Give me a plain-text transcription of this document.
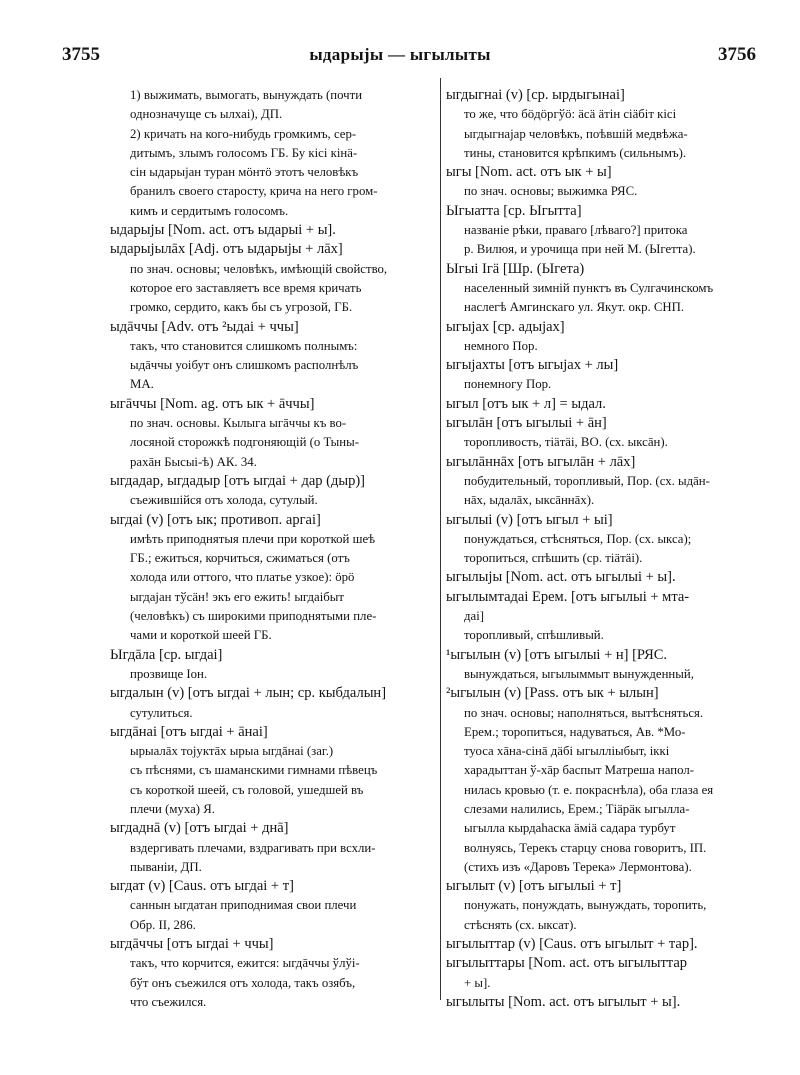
3755	ыдарыјы — ыгылыты	3756
1) выжимать, вымогать, вынуждать (почти
однозначуще съ ылхаі), ДП.
2) кричать на кого-нибудь громкимъ, сер-
дитымъ, злымъ голосомъ ГБ. Бу кісі кінä-
сін ыдарыјан туран мöнтö этотъ человѣкъ
бранилъ своего старосту, крича на него гром-
кимъ и сердитымъ голосомъ.
ыдарыјы [Nom. act. отъ ыдарыі + ы].
ыдарыјылāх [Adj. отъ ыдарыјы + лāх]
по знач. основы; человѣкъ, имѣющій свойство,
которое его заставляетъ все время кричать
громко, сердито, какъ бы съ угрозой, ГБ.
ыдāччы [Adv. отъ ²ыдаі + ччы]
такъ, что становится слишкомъ полнымъ:
ыдāччы уоібут онъ слишкомъ располнѣлъ
МА.
ыгāччы [Nom. ag. отъ ык + āччы]
по знач. основы. Кылыга ыгāччы къ во-
лосяной сторожкѣ подгоняющій (о Тыны-
рахāн Бысыі-ѣ) АК. 34.
ыгдадар, ыгдадыр [отъ ыгдаі + дар (дыр)]
съежившійся отъ холода, сутулый.
ыгдаі (v) [отъ ык; противоп. аргаі]
имѣть приподнятыя плечи при короткой шеѣ
ГБ.; ежиться, корчиться, сжиматься (отъ
холода или оттого, что платье узкое): öрö
ыгдајан тўсäн! экъ его ежить! ыгдаібыт
(человѣкъ) съ широкими приподнятыми пле-
чами и короткой шеей ГБ.
Ыгдāла [ср. ыгдаі]
прозвище Іон.
ыгдалын (v) [отъ ыгдаі + лын; ср. кыбдалын]
сутулиться.
ыгдāнаі [отъ ыгдаі + āнаі]
ырыалāх тојуктāх ырыа ыгдāнаі (заг.)
съ пѣснями, съ шаманскими гимнами пѣвецъ
съ короткой шеей, съ головой, ушедшей въ
плечи (муха) Я.
ыгдаднā (v) [отъ ыгдаі + днā]
вздергивать плечами, вздрагивать при всхли-
пываніи, ДП.
ыгдат (v) [Caus. отъ ыгдаі + т]
саннын ыгдатан приподнимая свои плечи
Обр. II, 286.
ыгдāччы [отъ ыгдаі + ччы]
такъ, что корчится, ежится: ыгдāччы ўлўі-
бўт онъ съежился отъ холода, такъ озябъ,
что съежился.
ыгдыгнаі (v) [ср. ырдыгынаі]
то же, что бöдöргўö: äсä äтін сіäбіт кісі
ыгдыгнајар человѣкъ, поѣвшій медвѣжа-
тины, становится крѣпкимъ (сильнымъ).
ыгы [Nom. act. отъ ык + ы]
по знач. основы; выжимка РЯС.
Ыгыатта [ср. Ыгытта]
названіе рѣки, праваго [лѣваго?] притока
р. Вилюя, и урочища при ней М. (Ыгетта).
Ыгыі Ігä [Шр. (Ыгета)
населенный зимній пунктъ въ Сулгачинскомъ
наслегѣ Амгинскаго ул. Якут. окр. СНП.
ыгыјах [ср. адыјах]
немного Пор.
ыгыјахты [отъ ыгыјах + лы]
понемногу Пор.
ыгыл [отъ ык + л] = ыдал.
ыгылāн [отъ ыгылыі + āн]
торопливость, тіäтäі, ВО. (сх. ыксāн).
ыгылāннāх [отъ ыгылāн + лāх]
побудительный, торопливый, Пор. (сх. ыдāн-
нāх, ыдалāх, ыксāннāх).
ыгылыі (v) [отъ ыгыл + ыі]
понуждаться, стѣсняться, Пор. (сх. ыкса);
торопиться, спѣшить (ср. тіäтäі).
ыгылыјы [Nom. act. отъ ыгылыі + ы].
ыгылымтадаі Ерем. [отъ ыгылыі + мта-
даі]
торопливый, спѣшливый.
¹ыгылын (v) [отъ ыгылыі + н] [РЯС.
вынуждаться, ыгылыммыт вынужденный,
²ыгылын (v) [Pass. отъ ык + ылын]
по знач. основы; наполняться, вытѣсняться.
Ерем.; торопиться, надуваться, Ав. *Мо-
туоса хāна-сінā дäбі ыгылліыбыт, іккі
харадыттан ў-хāр баспыт Матреша напол-
нилась кровью (т. е. покраснѣла), оба глаза ея
слезами налились, Ерем.; Тіäрäк ыгылла-
ыгылла кырдаһаска äміä садара турбут
волнуясь, Терекъ старцу снова говоритъ, ІП.
(стихъ изъ «Даровъ Терека» Лермонтова).
ыгылыт (v) [отъ ыгылыі + т]
понужать, понуждать, вынуждать, торопить,
стѣснять (сх. ыксат).
ыгылыттар (v) [Caus. отъ ыгылыт + тар].
ыгылыттары [Nom. act. отъ ыгылыттар
+ ы].
ыгылыты [Nom. act. отъ ыгылыт + ы].
